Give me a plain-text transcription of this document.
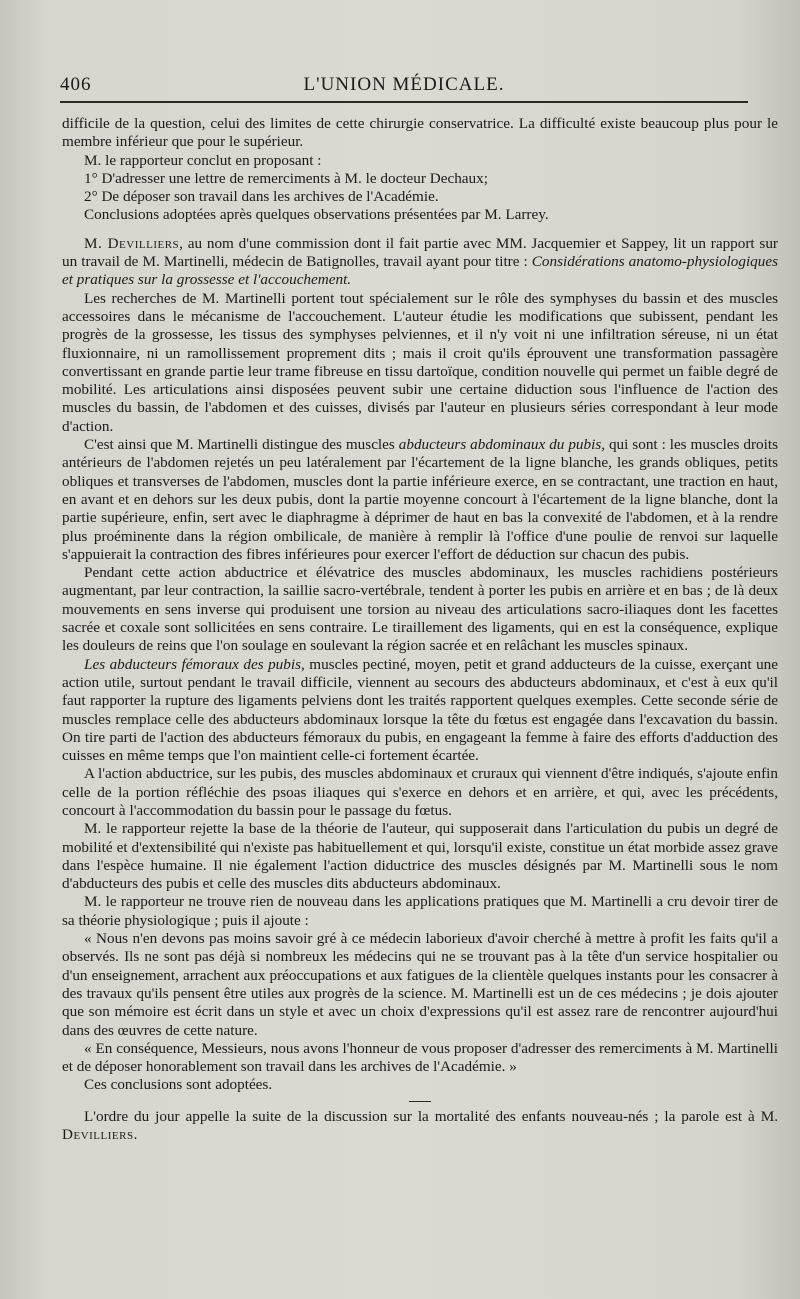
406	L'UNION MÉDICALE.

difficile de la question, celui des limites de cette chirurgie conservatrice. La difficulté existe beaucoup plus pour le membre inférieur que pour le supérieur.

M. le rapporteur conclut en proposant :

1° D'adresser une lettre de remerciments à M. le docteur Dechaux;

2° De déposer son travail dans les archives de l'Académie.

Conclusions adoptées après quelques observations présentées par M. Larrey.

M. Devilliers, au nom d'une commission dont il fait partie avec MM. Jacquemier et Sappey, lit un rapport sur un travail de M. Martinelli, médecin de Batignolles, travail ayant pour titre : Considérations anatomo-physiologiques et pratiques sur la grossesse et l'accouchement.

Les recherches de M. Martinelli portent tout spécialement sur le rôle des symphyses du bassin et des muscles accessoires dans le mécanisme de l'accouchement. L'auteur étudie les modifications que subissent, pendant les progrès de la grossesse, les tissus des symphyses pelviennes, et il n'y voit ni une infiltration séreuse, ni un état fluxionnaire, ni un ramollissement proprement dits ; mais il croit qu'ils éprouvent une transformation passagère convertissant en grande partie leur trame fibreuse en tissu dartoïque, condition nouvelle qui permet un faible degré de mobilité. Les articulations ainsi disposées peuvent subir une certaine diduction sous l'influence de l'action des muscles du bassin, de l'abdomen et des cuisses, divisés par l'auteur en plusieurs séries correspondant à leur mode d'action.

C'est ainsi que M. Martinelli distingue des muscles abducteurs abdominaux du pubis, qui sont : les muscles droits antérieurs de l'abdomen rejetés un peu latéralement par l'écartement de la ligne blanche, les grands obliques, petits obliques et transverses de l'abdomen, muscles dont la partie inférieure exerce, en se contractant, une traction en haut, en avant et en dehors sur les deux pubis, dont la partie moyenne concourt à l'écartement de la ligne blanche, dont la partie supérieure, enfin, sert avec le diaphragme à déprimer de haut en bas la convexité de l'abdomen, et à la rendre plus proéminente dans la région ombilicale, de manière à remplir là l'office d'une poulie de renvoi sur laquelle s'appuierait la contraction des fibres inférieures pour exercer l'effort de déduction sur chacun des pubis.

Pendant cette action abductrice et élévatrice des muscles abdominaux, les muscles rachidiens postérieurs augmentant, par leur contraction, la saillie sacro-vertébrale, tendent à porter les pubis en arrière et en bas ; de là deux mouvements en sens inverse qui produisent une torsion au niveau des articulations sacro-iliaques dont les facettes sacrée et coxale sont sollicitées en sens contraire. Le tiraillement des ligaments, qui en est la conséquence, explique les douleurs de reins que l'on soulage en soulevant la région sacrée et en relâchant les muscles spinaux.

Les abducteurs fémoraux des pubis, muscles pectiné, moyen, petit et grand adducteurs de la cuisse, exerçant une action utile, surtout pendant le travail difficile, viennent au secours des abducteurs abdominaux, et c'est à eux qu'il faut rapporter la rupture des ligaments pelviens dont les traités rapportent quelques exemples. Cette seconde série de muscles remplace celle des abducteurs abdominaux lorsque la tête du fœtus est engagée dans l'excavation du bassin. On tire parti de l'action des abducteurs fémoraux du pubis, en engageant la femme à faire des efforts d'adduction des cuisses en même temps que l'on maintient celle-ci fortement écartée.

A l'action abductrice, sur les pubis, des muscles abdominaux et cruraux qui viennent d'être indiqués, s'ajoute enfin celle de la portion réfléchie des psoas iliaques qui s'exerce en dehors et en arrière, et qui, avec les précédents, concourt à l'accommodation du bassin pour le passage du fœtus.

M. le rapporteur rejette la base de la théorie de l'auteur, qui supposerait dans l'articulation du pubis un degré de mobilité et d'extensibilité qui n'existe pas habituellement et qui, lorsqu'il existe, constitue un état morbide assez grave dans l'espèce humaine. Il nie également l'action diductrice des muscles désignés par M. Martinelli sous le nom d'abducteurs des pubis et celle des muscles dits abducteurs abdominaux.

M. le rapporteur ne trouve rien de nouveau dans les applications pratiques que M. Martinelli a cru devoir tirer de sa théorie physiologique ; puis il ajoute :

« Nous n'en devons pas moins savoir gré à ce médecin laborieux d'avoir cherché à mettre à profit les faits qu'il a observés. Ils ne sont pas déjà si nombreux les médecins qui ne se trouvant pas à la tête d'un service hospitalier ou d'un enseignement, arrachent aux préoccupations et aux fatigues de la clientèle quelques instants pour les consacrer à des travaux qu'ils pensent être utiles aux progrès de la science. M. Martinelli est un de ces médecins ; je dois ajouter que son mémoire est écrit dans un style et avec un choix d'expressions qu'il est assez rare de rencontrer aujourd'hui dans des œuvres de cette nature.

« En conséquence, Messieurs, nous avons l'honneur de vous proposer d'adresser des remerciments à M. Martinelli et de déposer honorablement son travail dans les archives de l'Académie. »

Ces conclusions sont adoptées.

L'ordre du jour appelle la suite de la discussion sur la mortalité des enfants nouveau-nés ; la parole est à M. Devilliers.
